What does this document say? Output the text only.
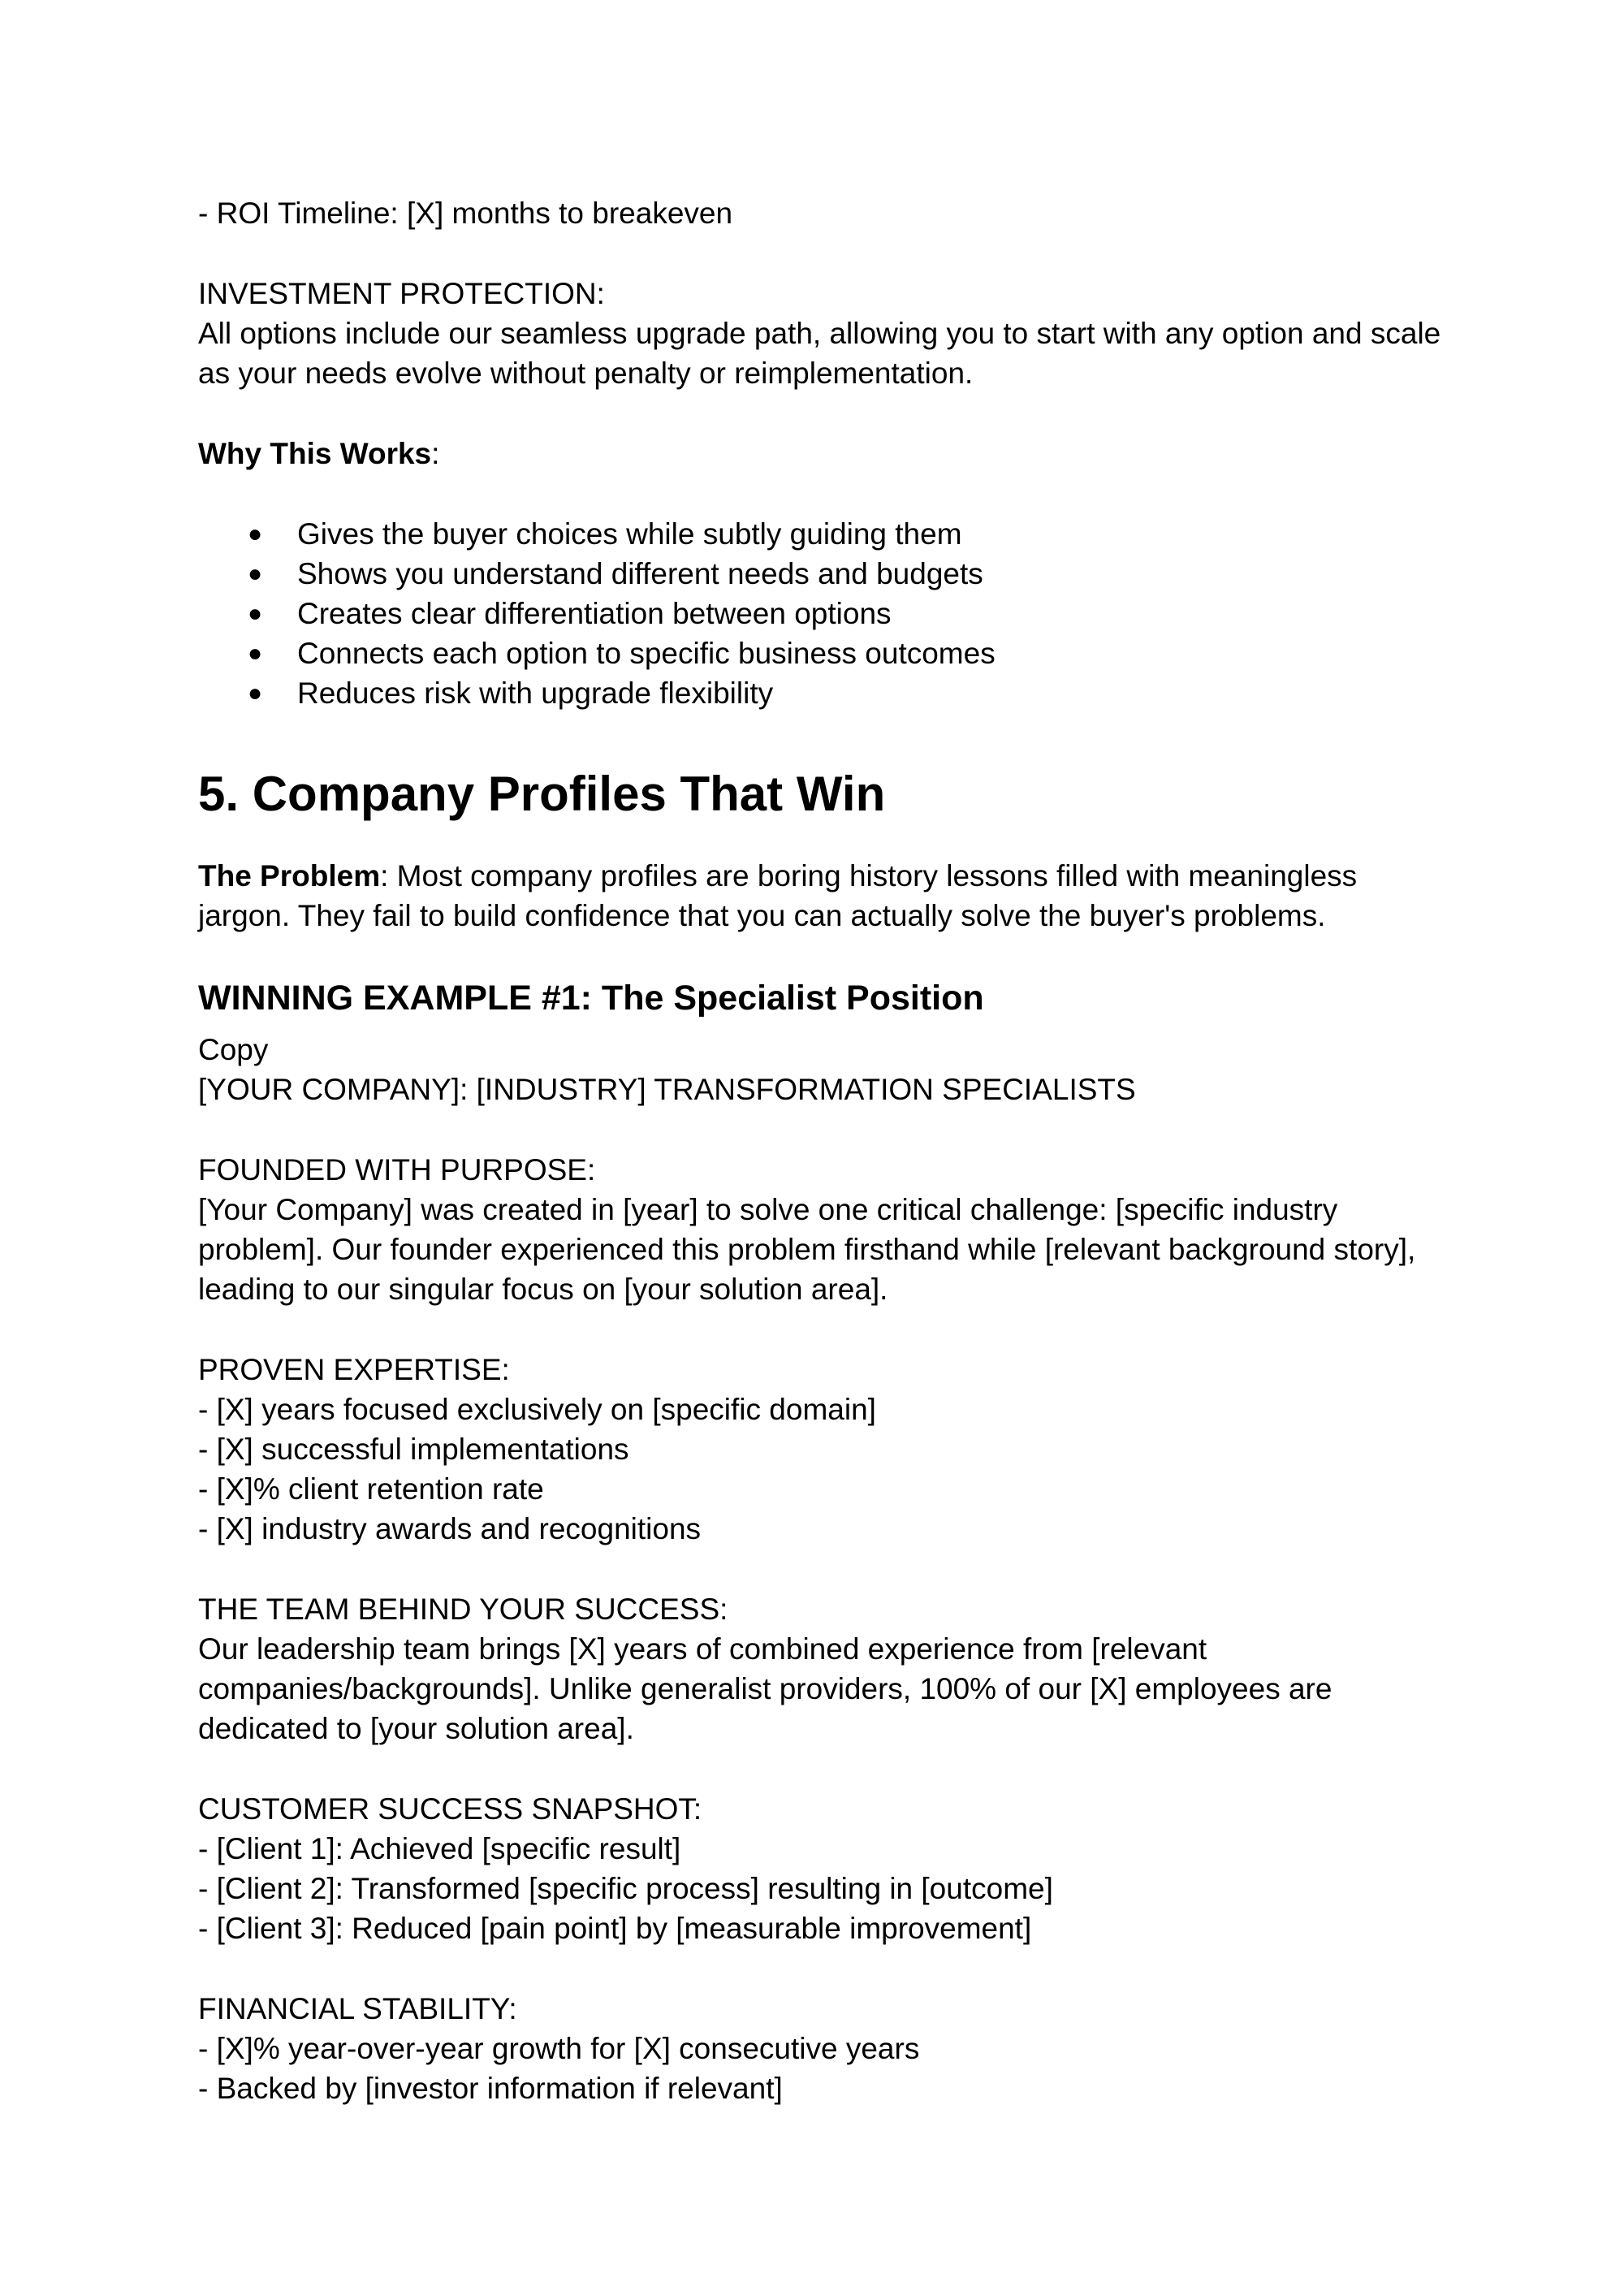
- ROI Timeline: [X] months to breakeven

INVESTMENT PROTECTION:

All options include our seamless upgrade path, allowing you to start with any option and scale as your needs evolve without penalty or reimplementation.

Why This Works:

● Gives the buyer choices while subtly guiding them
● Shows you understand different needs and budgets
● Creates clear differentiation between options
● Connects each option to specific business outcomes
● Reduces risk with upgrade flexibility
5. Company Profiles That Win

The Problem: Most company profiles are boring history lessons filled with meaningless jargon. They fail to build confidence that you can actually solve the buyer's problems.

WINNING EXAMPLE #1: The Specialist Position

Copy

[YOUR COMPANY]: [INDUSTRY] TRANSFORMATION SPECIALISTS

FOUNDED WITH PURPOSE:

[Your Company] was created in [year] to solve one critical challenge: [specific industry problem]. Our founder experienced this problem firsthand while [relevant background story], leading to our singular focus on [your solution area].

PROVEN EXPERTISE:

- [X] years focused exclusively on [specific domain]

- [X] successful implementations

- [X]% client retention rate

- [X] industry awards and recognitions

THE TEAM BEHIND YOUR SUCCESS:

Our leadership team brings [X] years of combined experience from [relevant companies/backgrounds]. Unlike generalist providers, 100% of our [X] employees are dedicated to [your solution area].

CUSTOMER SUCCESS SNAPSHOT:

- [Client 1]: Achieved [specific result]

- [Client 2]: Transformed [specific process] resulting in [outcome]

- [Client 3]: Reduced [pain point] by [measurable improvement]

FINANCIAL STABILITY:

- [X]% year-over-year growth for [X] consecutive years

- Backed by [investor information if relevant]
